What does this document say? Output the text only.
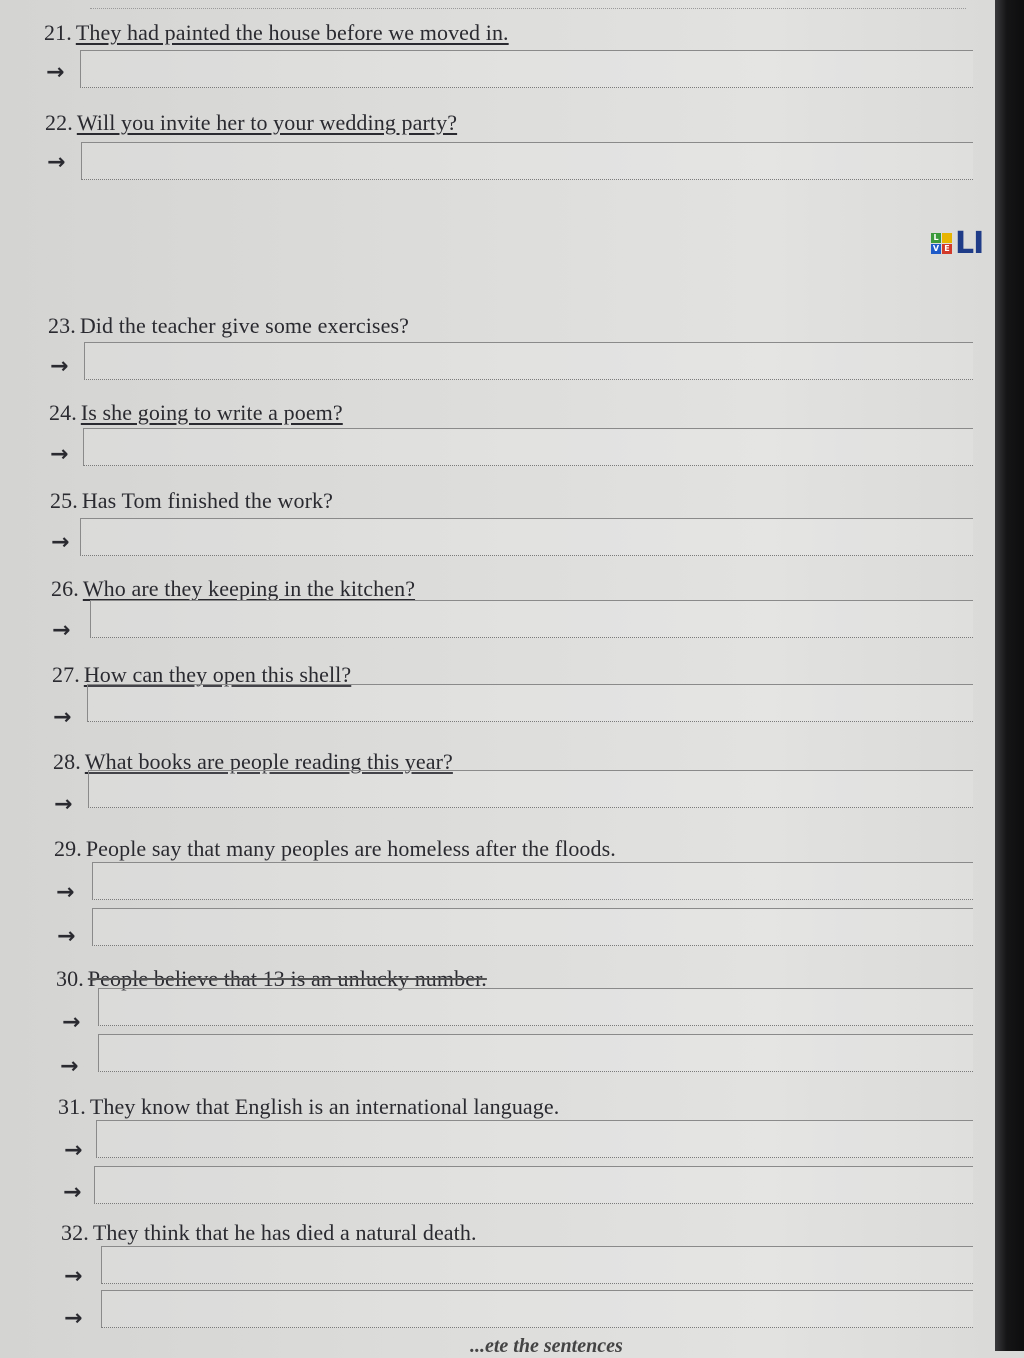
21. They had painted the house before we moved in.
→
22. Will you invite her to your wedding party?
→
L
V E LI
23. Did the teacher give some exercises?
→
24. Is she going to write a poem?
→
25. Has Tom finished the work?
→
26. Who are they keeping in the kitchen?
→
27. How can they open this shell?
→
28. What books are people reading this year?
→
29. People say that many peoples are homeless after the floods.
→
→
30. People believe that 13 is an unlucky number.
→
→
31. They know that English is an international language.
→
→
32. They think that he has died a natural death.
→
→
...ete the sentences
